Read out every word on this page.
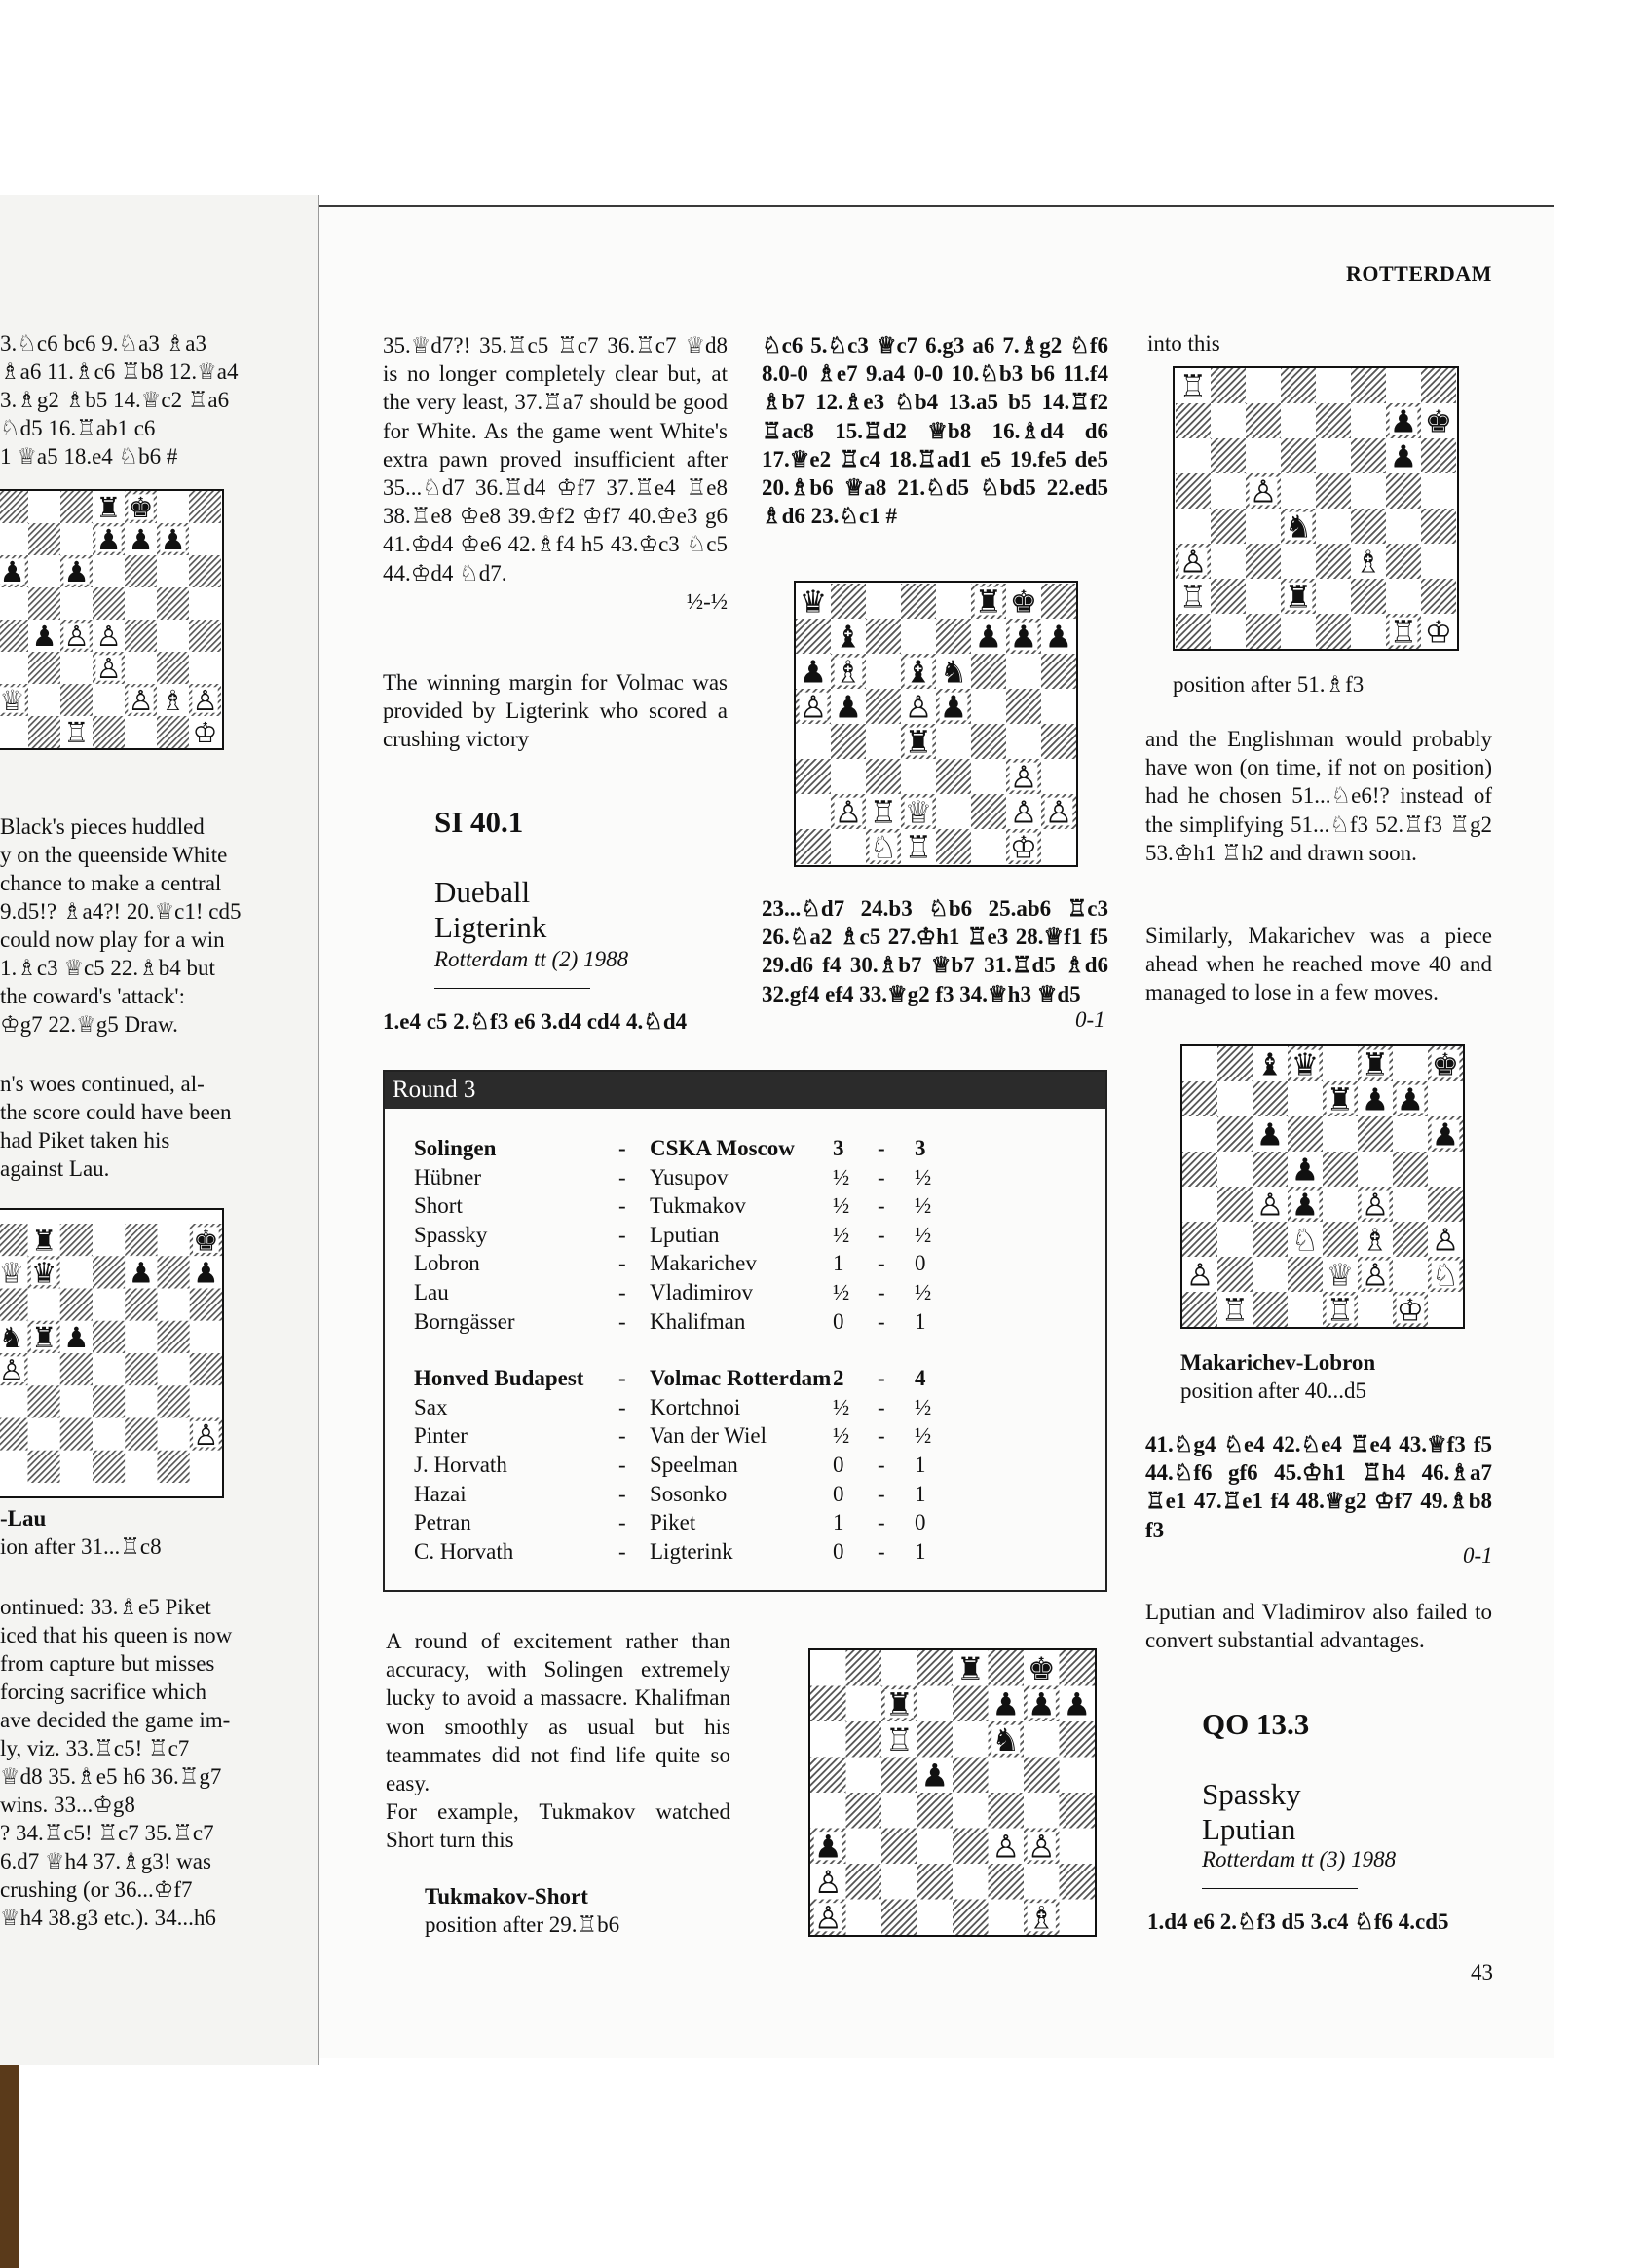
3.♘c6 bc6 9.♘a3 ♗a3
♗a6 11.♗c6 ♖b8 12.♕a4
3.♗g2 ♗b5 14.♕c2 ♖a6
♘d5 16.♖ab1 c6
1 ♕a5 18.e4 ♘b6 #
Black's pieces huddled
y on the queenside White
chance to make a central
9.d5!? ♗a4?! 20.♕c1! cd5
could now play for a win
1.♗c3 ♕c5 22.♗b4 but
the coward's 'attack':
♔g7 22.♕g5 Draw.
n's woes continued, al-
the score could have been
had Piket taken his
against Lau.
-Lau
ion after 31...♖c8
ontinued: 33.♗e5 Piket
iced that his queen is now
from capture but misses
forcing sacrifice which
ave decided the game im-
ly, viz. 33.♖c5! ♖c7
♕d8 35.♗e5 h6 36.♖g7
wins. 33...♔g8
? 34.♖c5! ♖c7 35.♖c7
6.d7 ♕h4 37.♗g3! was
crushing (or 36...♔f7
♕h4 38.g3 etc.). 34...h6
ROTTERDAM

35.♕d7?! 35.♖c5 ♖c7 36.♖c7 ♕d8 is no longer completely clear but, at the very least, 37.♖a7 should be good for White. As the game went White's extra pawn proved insufficient after 35...♘d7 36.♖d4 ♔f7 37.♖e4 ♖e8 38.♖e8 ♔e8 39.♔f2 ♔f7 40.♔e3 g6 41.♔d4 ♔e6 42.♗f4 h5 43.♔c3 ♘c5 44.♔d4 ♘d7.

½-½

The winning margin for Volmac was provided by Ligterink who scored a crushing victory

SI 40.1
Dueball
Ligterink
Rotterdam tt (2) 1988
1.e4 c5 2.♘f3 e6 3.d4 cd4 4.♘d4

♘c6 5.♘c3 ♕c7 6.g3 a6 7.♗g2 ♘f6 8.0-0 ♗e7 9.a4 0-0 10.♘b3 b6 11.f4 ♗b7 12.♗e3 ♘b4 13.a5 b5 14.♖f2 ♖ac8 15.♖d2 ♕b8 16.♗d4 d6 17.♕e2 ♖c4 18.♖ad1 e5 19.fe5 de5 20.♗b6 ♕a8 21.♘d5 ♘bd5 22.ed5 ♗d6 23.♘c1 #

23...♘d7 24.b3 ♘b6 25.ab6 ♖c3 26.♘a2 ♗c5 27.♔h1 ♖e3 28.♕f1 f5 29.d6 f4 30.♗b7 ♕b7 31.♖d5 ♗d6 32.gf4 ef4 33.♕g2 f3 34.♕h3 ♕d5

0-1
into this
position after 51.♗f3

and the Englishman would probably have won (on time, if not on position) had he chosen 51...♘e6!? instead of the simplifying 51...♘f3 52.♖f3 ♖g2 53.♔h1 ♖h2 and drawn soon.

Similarly, Makarichev was a piece ahead when he reached move 40 and managed to lose in a few moves.

Makarichev-Lobron
position after 40...d5

41.♘g4 ♘e4 42.♘e4 ♖e4 43.♕f3 f5 44.♘f6 gf6 45.♔h1 ♖h4 46.♗a7 ♖e1 47.♖e1 f4 48.♕g2 ♔f7 49.♗b8 f3

0-1

Lputian and Vladimirov also failed to convert substantial advantages.

QO 13.3
Spassky
Lputian
Rotterdam tt (3) 1988
1.d4 e6 2.♘f3 d5 3.c4 ♘f6 4.cd5
Round 3
Solingen	- CSKA Moscow 3 - 3
Hübner	- Yusupov	½ - ½
Short	- Tukmakov	½ - ½
Spassky	- Lputian	½ - ½
Lobron	- Makarichev	1 - 0
Lau	- Vladimirov	½ - ½
Borngässer	- Khalifman	0 - 1
Honved Budapest - Volmac Rotterdam 2 - 4
Sax	- Kortchnoi	½ - ½
Pinter	- Van der Wiel	½ - ½
J. Horvath	- Speelman	0 - 1
Hazai	- Sosonko	0 - 1
Petran	- Piket	1 - 0
C. Horvath	- Ligterink	0 - 1

A round of excitement rather than accuracy, with Solingen extremely lucky to avoid a massacre. Khalifman won smoothly as usual but his teammates did not find life quite so easy.

For example, Tukmakov watched Short turn this

Tukmakov-Short
position after 29.♖b6
43
